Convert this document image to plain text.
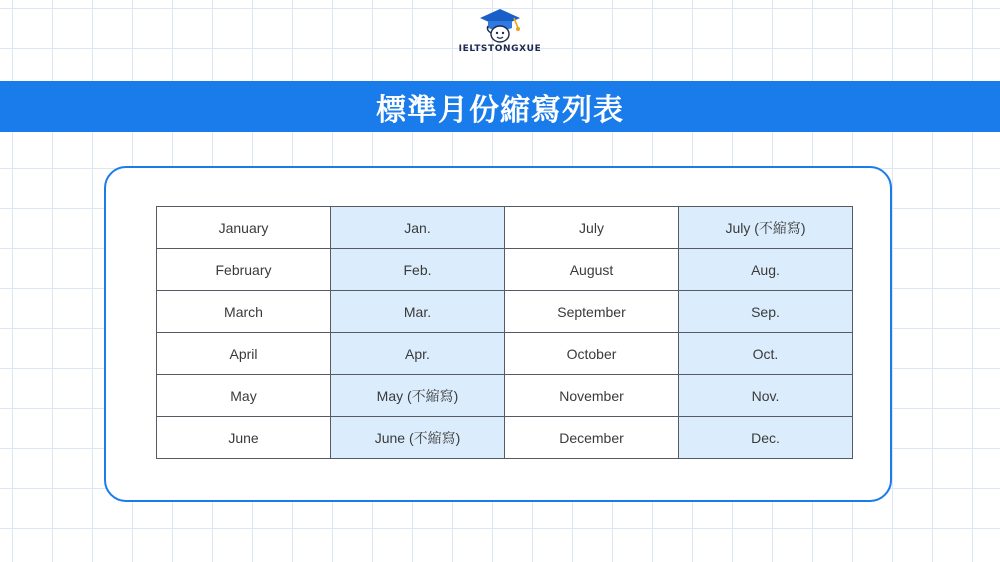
IELTSTONGXUE
標準月份縮寫列表
January	Jan.	July	July (不縮寫)
February	Feb.	August	Aug.
March	Mar.	September	Sep.
April	Apr.	October	Oct.
May	May (不縮寫)	November	Nov.
June	June (不縮寫)	December	Dec.
